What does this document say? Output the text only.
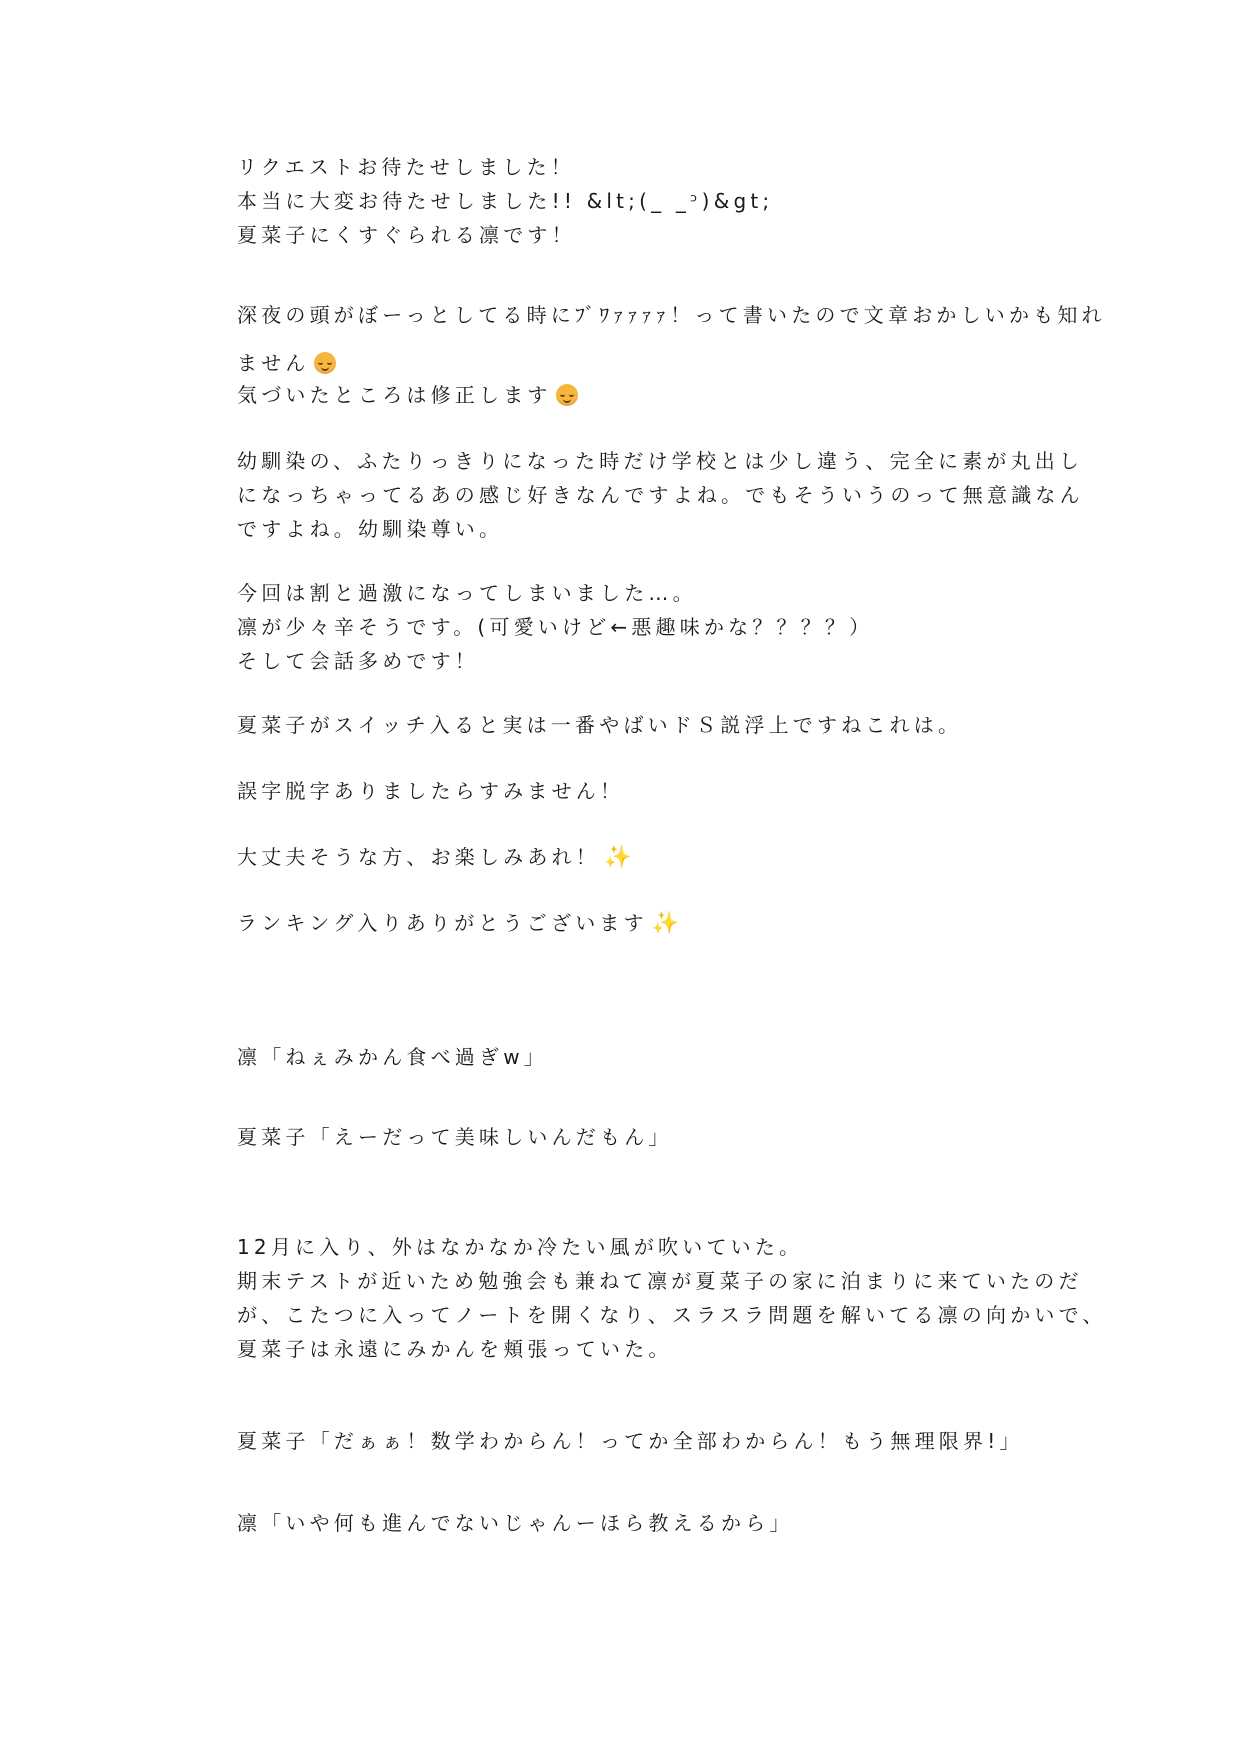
リクエストお待たせしました！
本当に大変お待たせしました!! &lt;(_ _ᵓ)&gt;
夏菜子にくすぐられる凛です！
深夜の頭がぼーっとしてる時にﾌﾞﾜｧｧｧｧ！って書いたので文章おかしいかも知れ
ません
気づいたところは修正します
幼馴染の、ふたりっきりになった時だけ学校とは少し違う、完全に素が丸出し
になっちゃってるあの感じ好きなんですよね。でもそういうのって無意識なん
ですよね。幼馴染尊い。
今回は割と過激になってしまいました…。
凛が少々辛そうです。(可愛いけど←悪趣味かな？？？？）
そして会話多めです！
夏菜子がスイッチ入ると実は一番やばいドＳ説浮上ですねこれは。
誤字脱字ありましたらすみません！
大丈夫そうな方、お楽しみあれ！ ✨
ランキング入りありがとうございます ✨
凛「ねぇみかん食べ過ぎw」
夏菜子「えーだって美味しいんだもん」
12月に入り、外はなかなか冷たい風が吹いていた。
期末テストが近いため勉強会も兼ねて凛が夏菜子の家に泊まりに来ていたのだ
が、こたつに入ってノートを開くなり、スラスラ問題を解いてる凛の向かいで、
夏菜子は永遠にみかんを頬張っていた。
夏菜子「だぁぁ！数学わからん！ってか全部わからん！もう無理限界!」
凛「いや何も進んでないじゃんーほら教えるから」
